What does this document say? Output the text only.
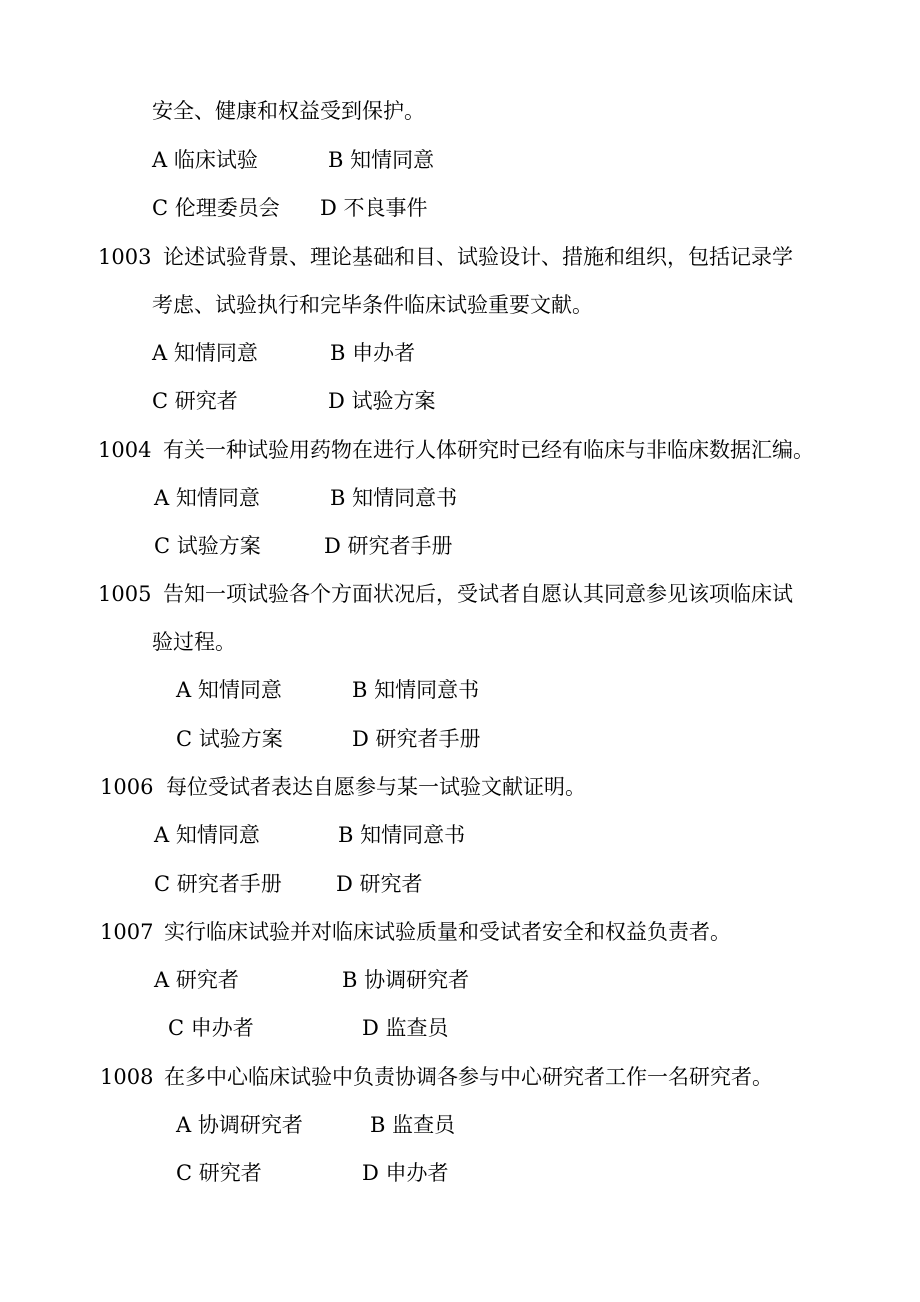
安全、健康和权益受到保护。
A 临床试验	B 知情同意
C 伦理委员会 D 不良事件
1003 论述试验背景、理论基础和目、试验设计、措施和组织，包括记录学
考虑、试验执行和完毕条件临床试验重要文献。
A 知情同意	B 申办者
C 研究者	D 试验方案
1004 有关一种试验用药物在进行人体研究时已经有临床与非临床数据汇编。
A 知情同意	B 知情同意书
C 试验方案	D 研究者手册
1005 告知一项试验各个方面状况后，受试者自愿认其同意参见该项临床试
验过程。
A 知情同意	B 知情同意书
C 试验方案	D 研究者手册
1006 每位受试者表达自愿参与某一试验文献证明。
A 知情同意	B 知情同意书
C 研究者手册	D 研究者
1007 实行临床试验并对临床试验质量和受试者安全和权益负责者。
A 研究者	B 协调研究者
C 申办者	D 监查员
1008 在多中心临床试验中负责协调各参与中心研究者工作一名研究者。
A 协调研究者	B 监查员
C 研究者	D 申办者
